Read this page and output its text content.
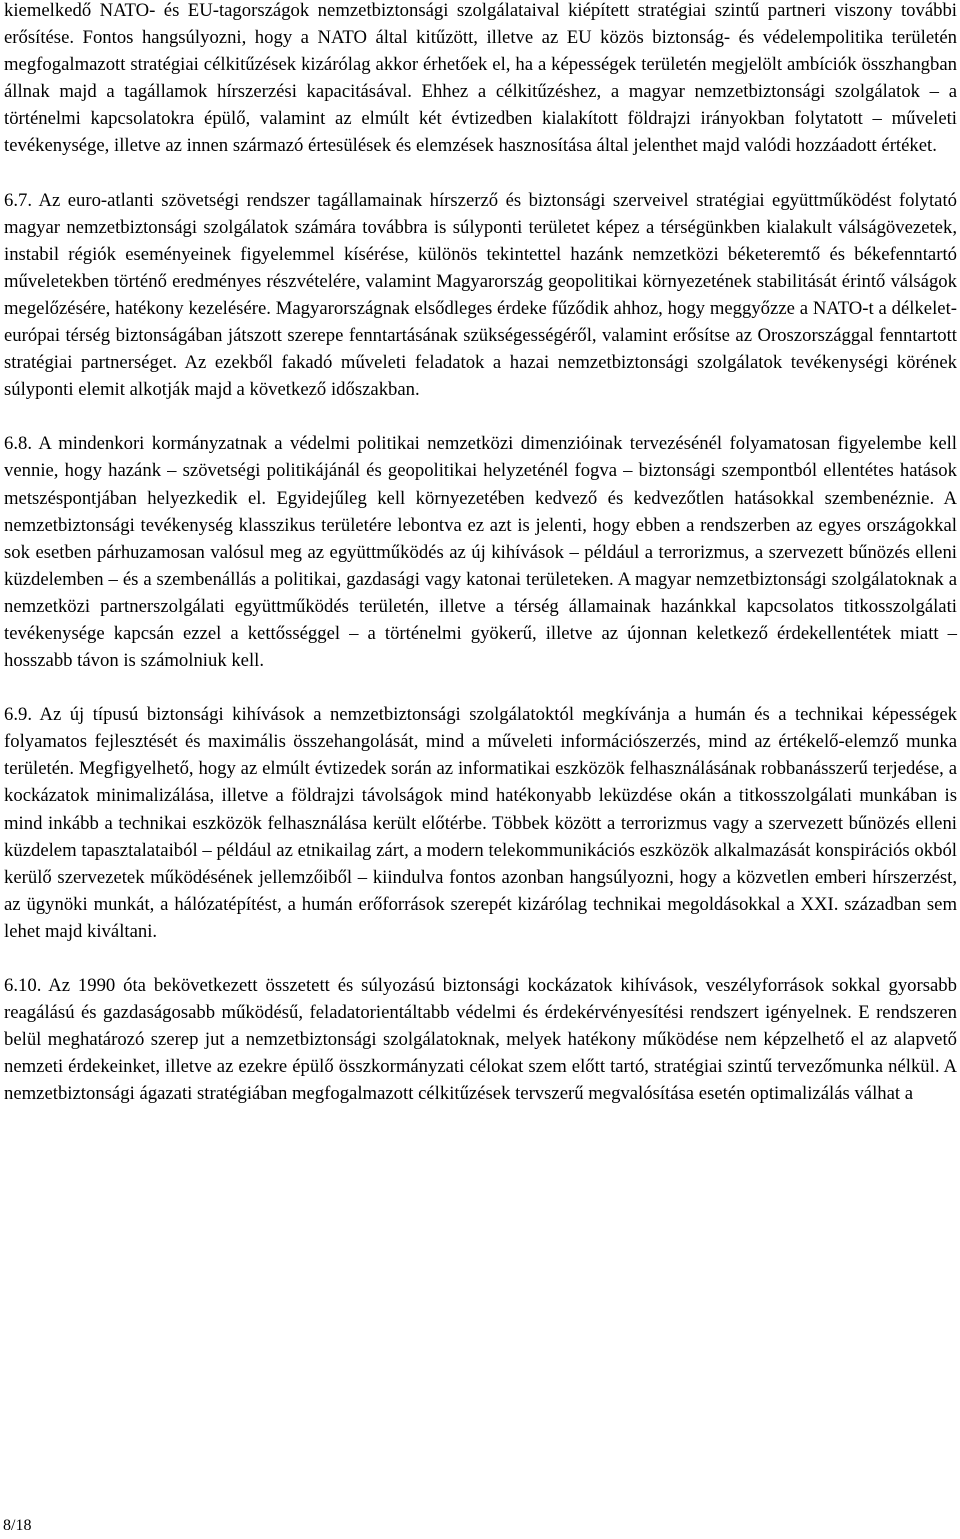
kiemelkedő NATO- és EU-tagországok nemzetbiztonsági szolgálataival kiépített stratégiai szintű partneri viszony további erősítése. Fontos hangsúlyozni, hogy a NATO által kitűzött, illetve az EU közös biztonság- és védelempolitika területén megfogalmazott stratégiai célkitűzések kizárólag akkor érhetőek el, ha a képességek területén megjelölt ambíciók összhangban állnak majd a tagállamok hírszerzési kapacitásával. Ehhez a célkitűzéshez, a magyar nemzetbiztonsági szolgálatok – a történelmi kapcsolatokra épülő, valamint az elmúlt két évtizedben kialakított földrajzi irányokban folytatott – műveleti tevékenysége, illetve az innen származó értesülések és elemzések hasznosítása által jelenthet majd valódi hozzáadott értéket.

6.7. Az euro-atlanti szövetségi rendszer tagállamainak hírszerző és biztonsági szerveivel stratégiai együttműködést folytató magyar nemzetbiztonsági szolgálatok számára továbbra is súlyponti területet képez a térségünkben kialakult válságövezetek, instabil régiók eseményeinek figyelemmel kísérése, különös tekintettel hazánk nemzetközi béketeremtő és békefenntartó műveletekben történő eredményes részvételére, valamint Magyarország geopolitikai környezetének stabilitását érintő válságok megelőzésére, hatékony kezelésére. Magyarországnak elsődleges érdeke fűződik ahhoz, hogy meggyőzze a NATO-t a délkelet-európai térség biztonságában játszott szerepe fenntartásának szükségességéről, valamint erősítse az Oroszországgal fenntartott stratégiai partnerséget. Az ezekből fakadó műveleti feladatok a hazai nemzetbiztonsági szolgálatok tevékenységi körének súlyponti elemit alkotják majd a következő időszakban.

6.8. A mindenkori kormányzatnak a védelmi politikai nemzetközi dimenzióinak tervezésénél folyamatosan figyelembe kell vennie, hogy hazánk – szövetségi politikájánál és geopolitikai helyzeténél fogva – biztonsági szempontból ellentétes hatások metszéspontjában helyezkedik el. Egyidejűleg kell környezetében kedvező és kedvezőtlen hatásokkal szembenéznie. A nemzetbiztonsági tevékenység klasszikus területére lebontva ez azt is jelenti, hogy ebben a rendszerben az egyes országokkal sok esetben párhuzamosan valósul meg az együttműködés az új kihívások – például a terrorizmus, a szervezett bűnözés elleni küzdelemben – és a szembenállás a politikai, gazdasági vagy katonai területeken. A magyar nemzetbiztonsági szolgálatoknak a nemzetközi partnerszolgálati együttműködés területén, illetve a térség államainak hazánkkal kapcsolatos titkosszolgálati tevékenysége kapcsán ezzel a kettősséggel – a történelmi gyökerű, illetve az újonnan keletkező érdekellentétek miatt – hosszabb távon is számolniuk kell.

6.9. Az új típusú biztonsági kihívások a nemzetbiztonsági szolgálatoktól megkívánja a humán és a technikai képességek folyamatos fejlesztését és maximális összehangolását, mind a műveleti információszerzés, mind az értékelő-elemző munka területén. Megfigyelhető, hogy az elmúlt évtizedek során az informatikai eszközök felhasználásának robbanásszerű terjedése, a kockázatok minimalizálása, illetve a földrajzi távolságok mind hatékonyabb leküzdése okán a titkosszolgálati munkában is mind inkább a technikai eszközök felhasználása került előtérbe. Többek között a terrorizmus vagy a szervezett bűnözés elleni küzdelem tapasztalataiból – például az etnikailag zárt, a modern telekommunikációs eszközök alkalmazását konspirációs okból kerülő szervezetek működésének jellemzőiből – kiindulva fontos azonban hangsúlyozni, hogy a közvetlen emberi hírszerzést, az ügynöki munkát, a hálózatépítést, a humán erőforrások szerepét kizárólag technikai megoldásokkal a XXI. században sem lehet majd kiváltani.

6.10. Az 1990 óta bekövetkezett összetett és súlyozású biztonsági kockázatok kihívások, veszélyforrások sokkal gyorsabb reagálású és gazdaságosabb működésű, feladatorientáltabb védelmi és érdekérvényesítési rendszert igényelnek. E rendszeren belül meghatározó szerep jut a nemzetbiztonsági szolgálatoknak, melyek hatékony működése nem képzelhető el az alapvető nemzeti érdekeinket, illetve az ezekre épülő összkormányzati célokat szem előtt tartó, stratégiai szintű tervezőmunka nélkül. A nemzetbiztonsági ágazati stratégiában megfogalmazott célkitűzések tervszerű megvalósítása esetén optimalizálás válhat a

8/18
